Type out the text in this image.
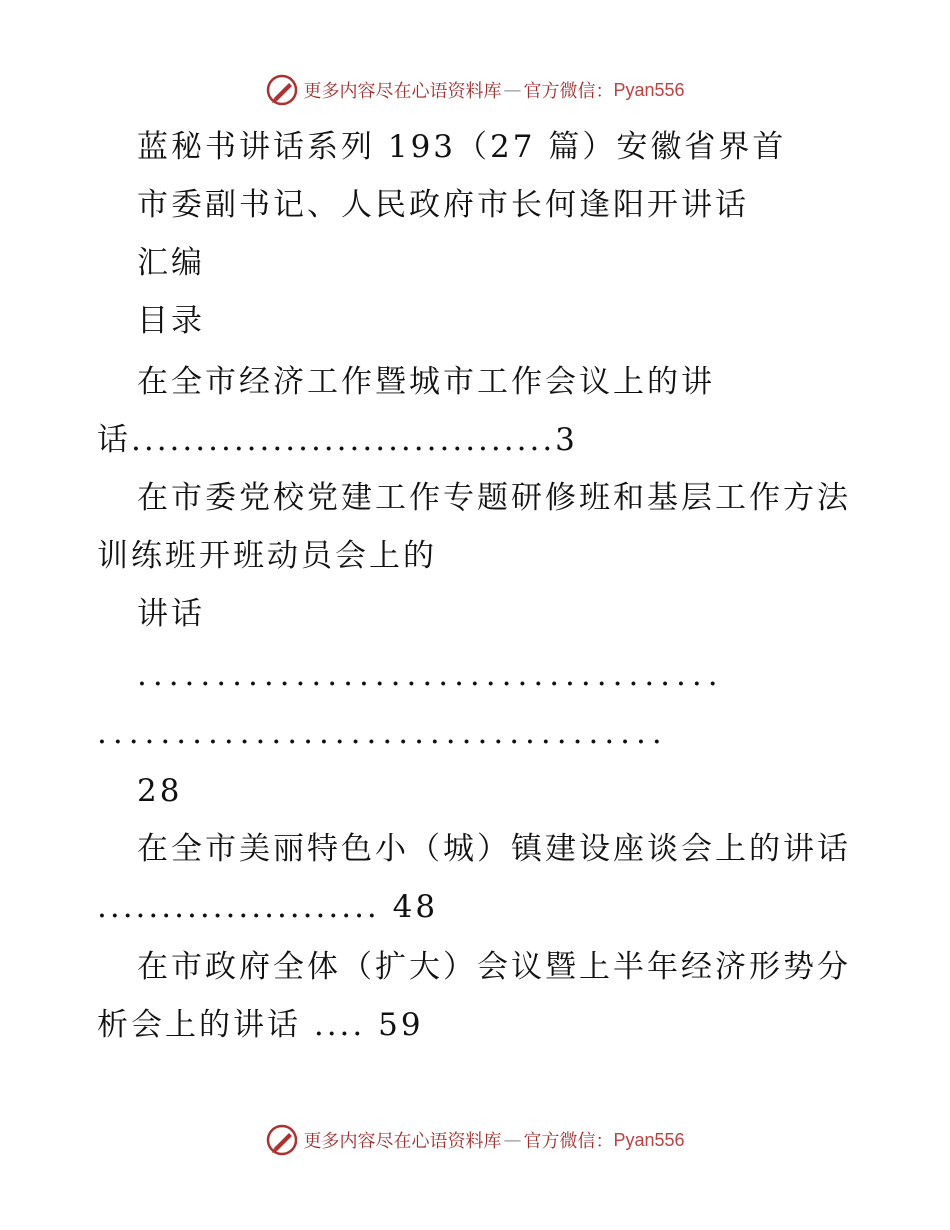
更多内容尽在心语资料库 — 官方微信： Pyan556
蓝秘书讲话系列 193（27 篇）安徽省界首
市委副书记、人民政府市长何逢阳开讲话
汇编
目录
在全市经济工作暨城市工作会议上的讲
话.................................3
在市委党校党建工作专题研修班和基层工作方法
训练班开班动员会上的
讲话
.....................................
....................................
28
在全市美丽特色小（城）镇建设座谈会上的讲话
...................... 48
在市政府全体（扩大）会议暨上半年经济形势分
析会上的讲话 .... 59
更多内容尽在心语资料库 — 官方微信： Pyan556
